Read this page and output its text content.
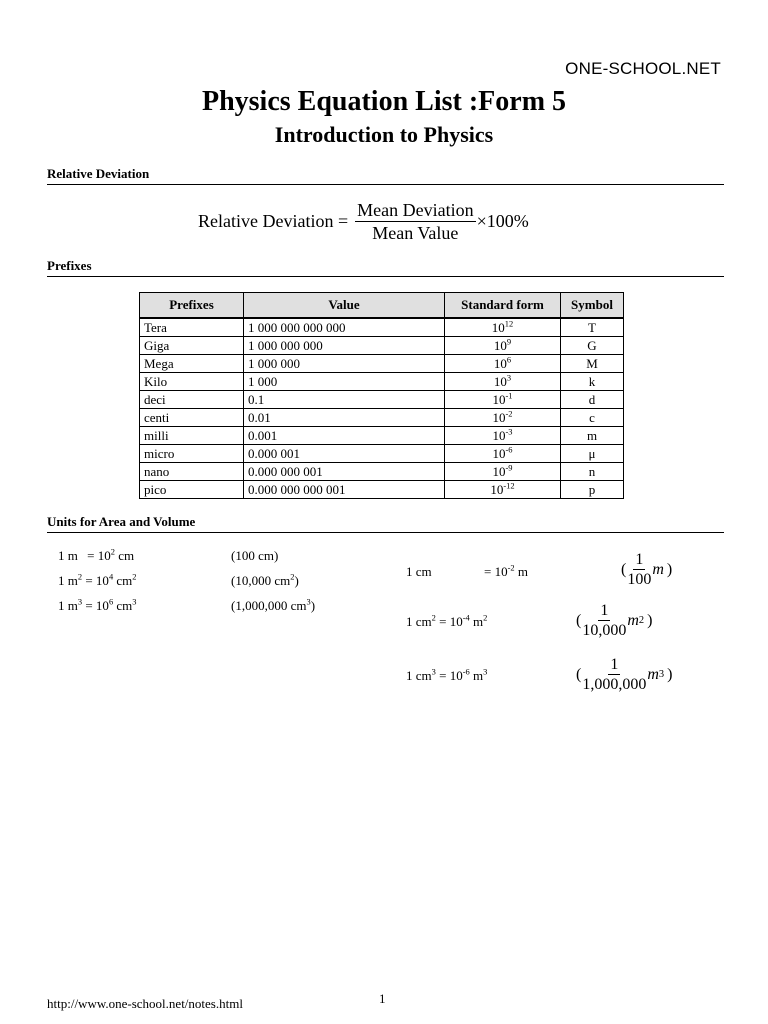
ONE-SCHOOL.NET
Physics Equation List :Form 5
Introduction to Physics
Relative Deviation
Relative Deviation = $\frac{\text{Mean Deviation}}{\text{Mean Value}} \times 100\%$
Prefixes
Prefixes	Value	Standard form	Symbol
Tera	1 000 000 000 000	$10^{12}$	T
Giga	1 000 000 000	$10^9$	G
Mega	1 000 000	$10^6$	M
Kilo	1 000	$10^3$	k
deci	0.1	$10^{-1}$	d
centi	0.01	$10^{-2}$	c
milli	0.001	$10^{-3}$	m
micro	0.000 001	$10^{-6}$	μ
nano	0.000 000 001	$10^{-9}$	n
pico	0.000 000 000 001	$10^{-12}$	p
Units for Area and Volume
1 $m = 10^2$ cm	(100 cm)
1 $m^2 = 10^4$ $cm^2$	(10,000 $cm^2$)
1 $m^3 = 10^6$ $cm^3$	(1,000,000 $cm^3$)
1 cm	= $10^{-2}$ m	( $\frac{1}{100}$ m )
1 $cm^2 = 10^{-4}$ $m^2$	( $\frac{1}{10,000}$ m 2 )
1 $cm^3 = 10^{-6}$ $m^3$	( $\frac{1}{1,000,000}$ m 3 )
http://www.one-school.net/notes.html	1
